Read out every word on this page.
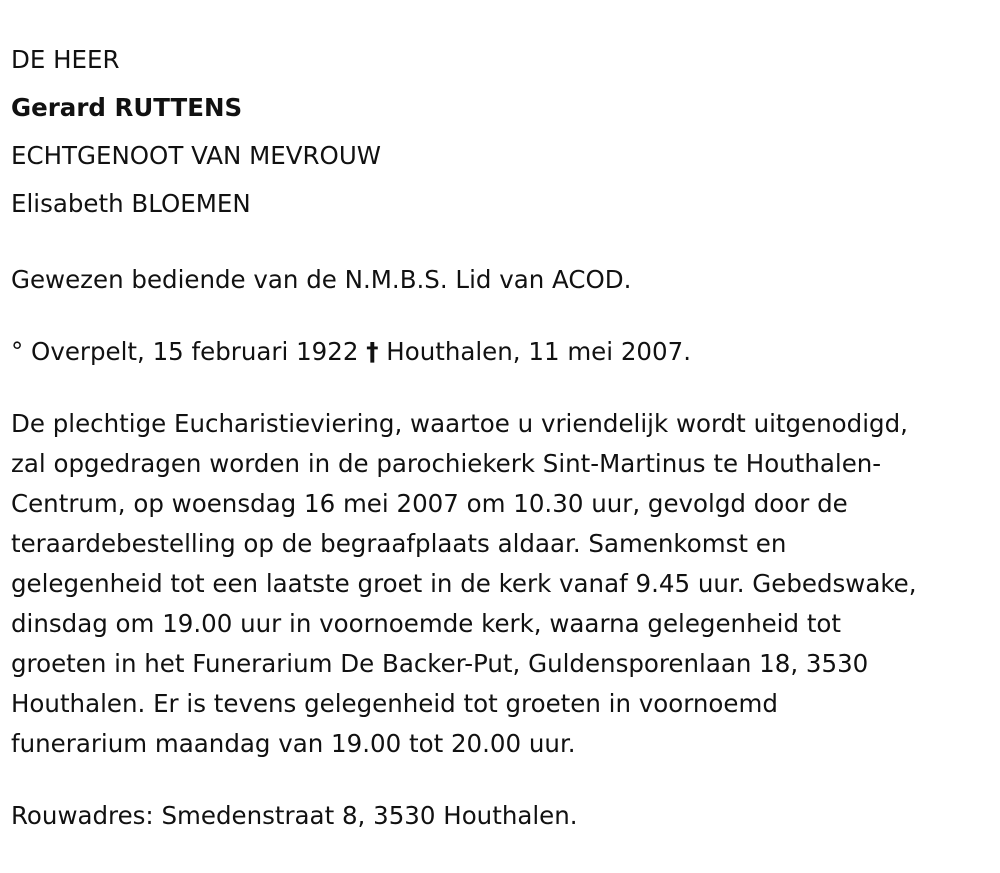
DE HEER
Gerard RUTTENS
ECHTGENOOT VAN MEVROUW
Elisabeth BLOEMEN

Gewezen bediende van de N.M.B.S. Lid van ACOD.

° Overpelt, 15 februari 1922 † Houthalen, 11 mei 2007.

De plechtige Eucharistieviering, waartoe u vriendelijk wordt uitgenodigd,
zal opgedragen worden in de parochiekerk Sint-Martinus te Houthalen-
Centrum, op woensdag 16 mei 2007 om 10.30 uur, gevolgd door de
teraardebestelling op de begraafplaats aldaar. Samenkomst en
gelegenheid tot een laatste groet in de kerk vanaf 9.45 uur. Gebedswake,
dinsdag om 19.00 uur in voornoemde kerk, waarna gelegenheid tot
groeten in het Funerarium De Backer-Put, Guldensporenlaan 18, 3530
Houthalen. Er is tevens gelegenheid tot groeten in voornoemd
funerarium maandag van 19.00 tot 20.00 uur.

Rouwadres: Smedenstraat 8, 3530 Houthalen.
